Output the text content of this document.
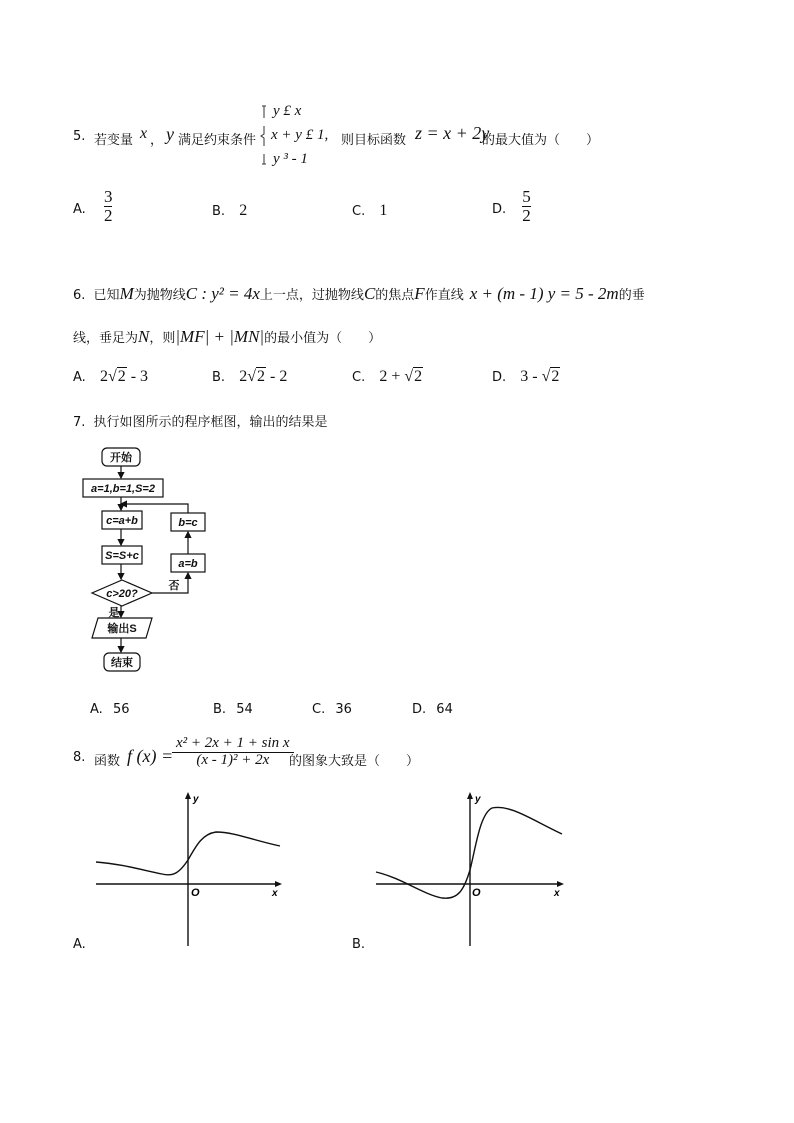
5. 若变量 x ， y 满足约束条件
y £ x
x + y £ 1,
y ³ - 1
则目标函数 z = x + 2y
的最大值为（　　）
A. $\frac{3}{2}$	B. 2	C. 1	D. $\frac{5}{2}$
6. 已知M为抛物线C : y² = 4x上一点，过抛物线C的焦点F作直线 x + (m - 1) y = 5 - 2m的垂
线，垂足为N，则|MF| + |MN|的最小值为（　　）
A. 2√2 - 3	B. 2√2 - 2	C. 2 + √2	D. 3 - √2
7. 执行如图所示的程序框图，输出的结果是
开始
a=1,b=1,S=2
c=a+b
S=S+c
c>20?
输出S
结束
a=b
b=c
是
否
A. 56	B. 54	C. 36	D. 64
8. 函数 f (x) =
$\frac{\text{x² + 2x + 1 + sin x}}{\text{(x - 1)² + 2x}}$
的图象大致是（　　）
y
x
O
A.
y
x
O
B.
